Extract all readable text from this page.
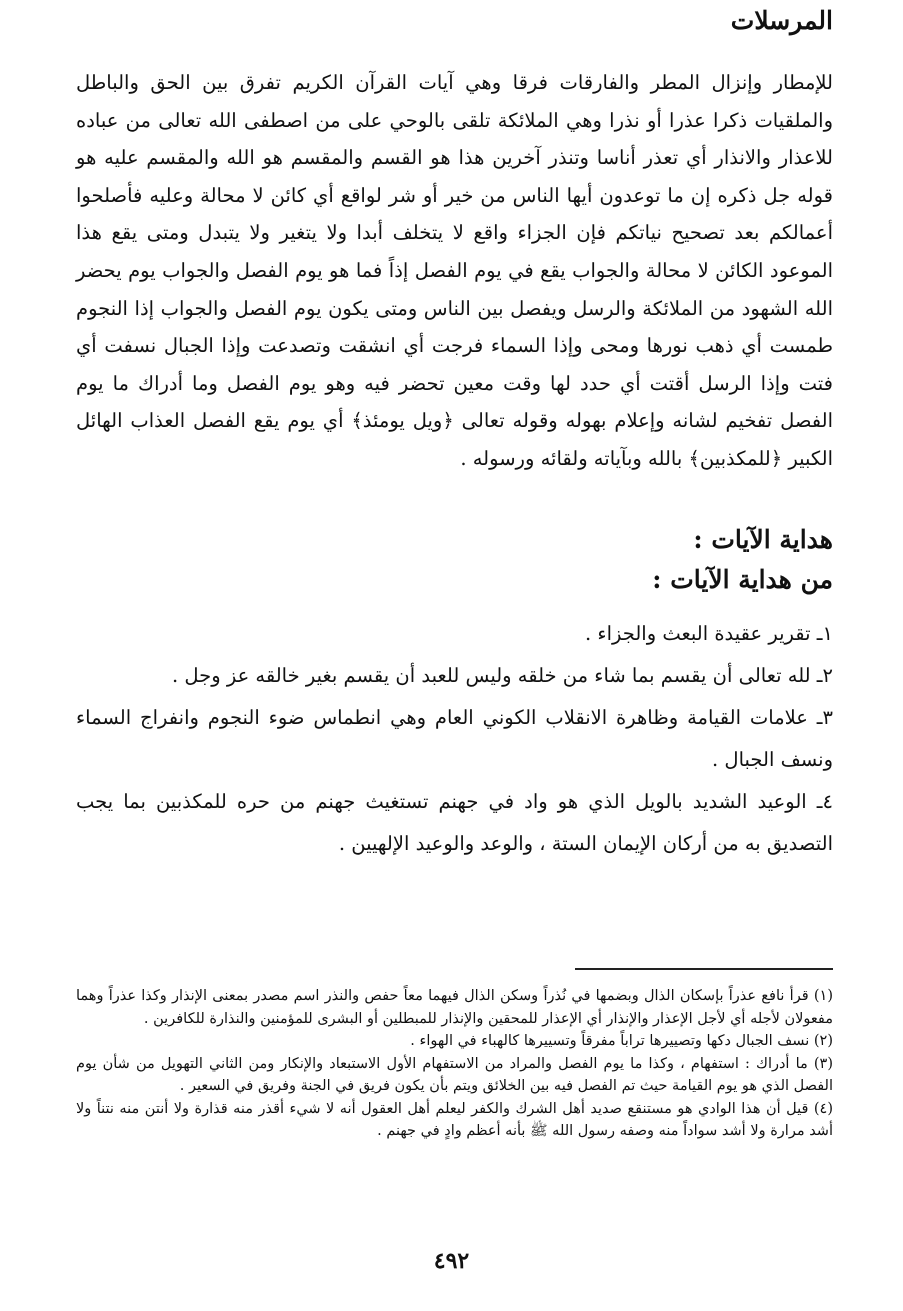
المرسلات

للإمطار وإنزال المطر والفارقات فرقا وهي آيات القرآن الكريم تفرق بين الحق والباطل والملقيات ذكرا عذرا أو نذرا وهي الملائكة تلقى بالوحي على من اصطفى الله تعالى من عباده للاعذار والانذار أي تعذر أناسا وتنذر آخرين هذا هو القسم والمقسم هو الله والمقسم عليه هو قوله جل ذكره إن ما توعدون أيها الناس من خير أو شر لواقع أي كائن لا محالة وعليه فأصلحوا أعمالكم بعد تصحيح نياتكم فإن الجزاء واقع لا يتخلف أبدا ولا يتغير ولا يتبدل ومتى يقع هذا الموعود الكائن لا محالة والجواب يقع في يوم الفصل إذاً فما هو يوم الفصل والجواب يوم يحضر الله الشهود من الملائكة والرسل ويفصل بين الناس ومتى يكون يوم الفصل والجواب إذا النجوم طمست أي ذهب نورها ومحى وإذا السماء فرجت أي انشقت وتصدعت وإذا الجبال نسفت أي فتت وإذا الرسل أقتت أي حدد لها وقت معين تحضر فيه وهو يوم الفصل وما أدراك ما يوم الفصل تفخيم لشانه وإعلام بهوله وقوله تعالى ﴿ويل يومئذ﴾ أي يوم يقع الفصل العذاب الهائل الكبير ﴿للمكذبين﴾ بالله وبآياته ولقائه ورسوله .

هداية الآيات :
من هداية الآيات :

١ـ تقرير عقيدة البعث والجزاء .

٢ـ لله تعالى أن يقسم بما شاء من خلقه وليس للعبد أن يقسم بغير خالقه عز وجل .

٣ـ علامات القيامة وظاهرة الانقلاب الكوني العام وهي انطماس ضوء النجوم وانفراج السماء ونسف الجبال .

٤ـ الوعيد الشديد بالويل الذي هو واد في جهنم تستغيث جهنم من حره للمكذبين بما يجب التصديق به من أركان الإيمان الستة ، والوعد والوعيد الإلهيين .

(١) قرأ نافع عذراً بإسكان الذال وبضمها في نُذراً وسكن الذال فيهما معاً حفص والنذر اسم مصدر بمعنى الإنذار وكذا عذراً وهما مفعولان لأجله أي لأجل الإعذار والإنذار أي الإعذار للمحقين والإنذار للمبطلين أو البشرى للمؤمنين والنذارة للكافرين .

(٢) نسف الجبال دكها وتصييرها تراباً مفرقاً وتسييرها كالهباء في الهواء .

(٣) ما أدراك : استفهام ، وكذا ما يوم الفصل والمراد من الاستفهام الأول الاستبعاد والإنكار ومن الثاني التهويل من شأن يوم الفصل الذي هو يوم القيامة حيث تم الفصل فيه بين الخلائق ويتم بأن يكون فريق في الجنة وفريق في السعير .

(٤) قيل أن هذا الوادي هو مستنقع صديد أهل الشرك والكفر ليعلم أهل العقول أنه لا شيء أقذر منه قذارة ولا أنتن منه نتناً ولا أشد مرارة ولا أشد سواداً منه وصفه رسول الله ﷺ بأنه أعظم وادٍ في جهنم .

٤٩٢
